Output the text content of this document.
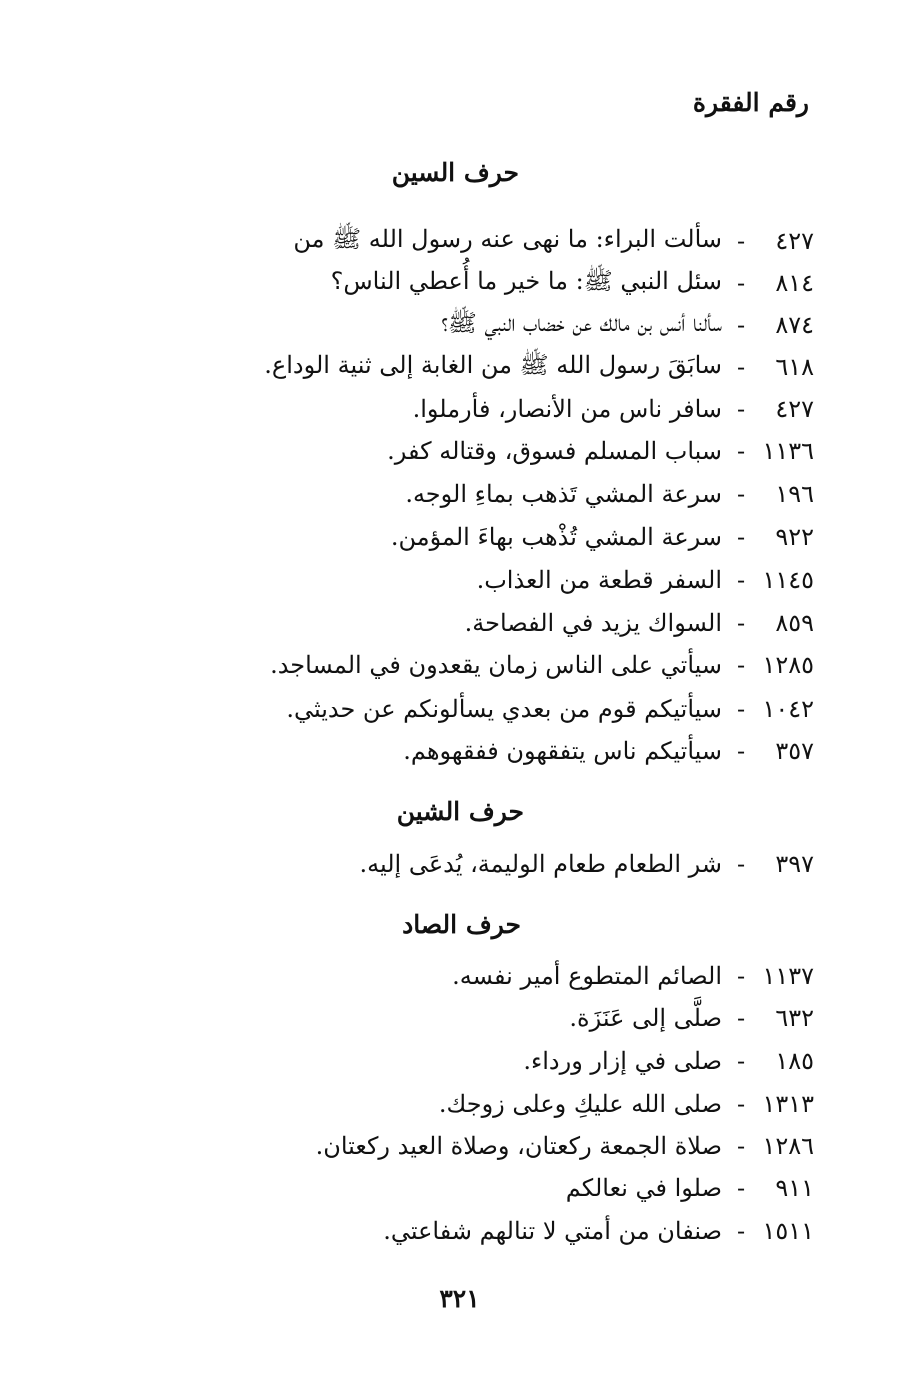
رقم الفقرة
حرف السين
٤٢٧
-
سألت البراء: ما نهى عنه رسول الله ﷺ من
٨١٤
-
سئل النبي ﷺ: ما خير ما أُعطي الناس؟
٨٧٤
-
سألنا أنس بن مالك عن خضاب النبي ﷺ؟
٦١٨
-
سابَقَ رسول الله ﷺ من الغابة إلى ثنية الوداع.
٤٢٧
-
سافر ناس من الأنصار، فأرملوا.
١١٣٦
-
سباب المسلم فسوق، وقتاله كفر.
١٩٦
-
سرعة المشي تَذهب بماءِ الوجه.
٩٢٢
-
سرعة المشي تُذْهب بهاءَ المؤمن.
١١٤٥
-
السفر قطعة من العذاب.
٨٥٩
-
السواك يزيد في الفصاحة.
١٢٨٥
-
سيأتي على الناس زمان يقعدون في المساجد.
١٠٤٢
-
سيأتيكم قوم من بعدي يسألونكم عن حديثي.
٣٥٧
-
سيأتيكم ناس يتفقهون ففقهوهم.
حرف الشين
٣٩٧
-
شر الطعام طعام الوليمة، يُدعَى إليه.
حرف الصاد
١١٣٧
-
الصائم المتطوع أمير نفسه.
٦٣٢
-
صلَّى إلى عَنَزَة.
١٨٥
-
صلى في إزار ورداء.
١٣١٣
-
صلى الله عليكِ وعلى زوجك.
١٢٨٦
-
صلاة الجمعة ركعتان، وصلاة العيد ركعتان.
٩١١
-
صلوا في نعالكم
١٥١١
-
صنفان من أمتي لا تنالهم شفاعتي.
٣٢١
